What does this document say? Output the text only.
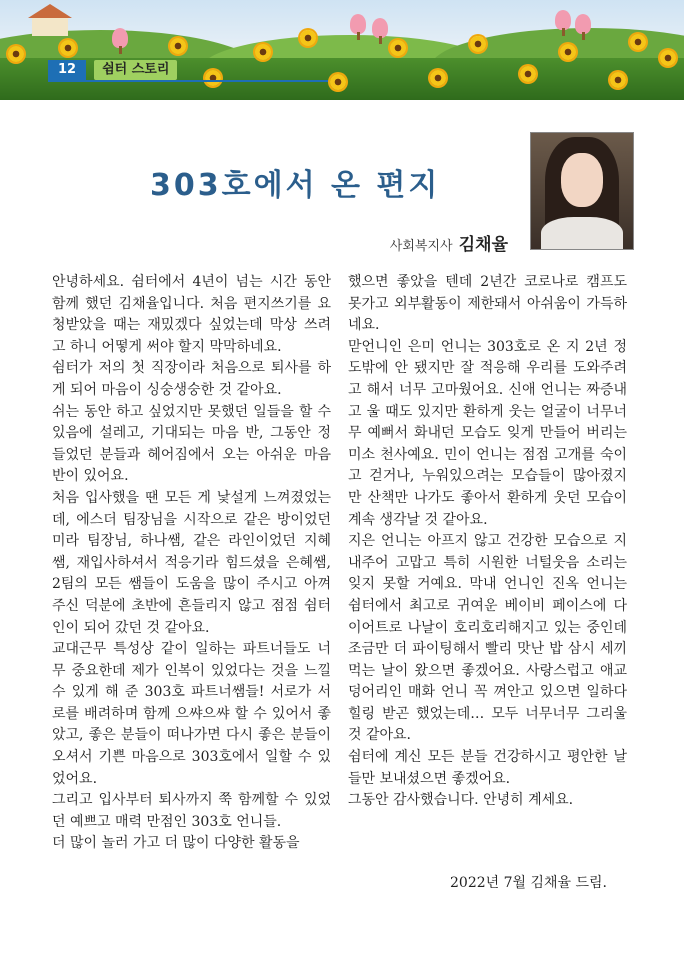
12	쉼터 스토리
303호에서 온 편지
사회복지사 김채율

안녕하세요. 쉼터에서 4년이 넘는 시간 동안 함께 했던 김채율입니다. 처음 편지쓰기를 요청받았을 때는 재밌겠다 싶었는데 막상 쓰려고 하니 어떻게 써야 할지 막막하네요.

쉼터가 저의 첫 직장이라 처음으로 퇴사를 하게 되어 마음이 싱숭생숭한 것 같아요.

쉬는 동안 하고 싶었지만 못했던 일들을 할 수 있음에 설레고, 기대되는 마음 반, 그동안 정들었던 분들과 헤어짐에서 오는 아쉬운 마음 반이 있어요.

처음 입사했을 땐 모든 게 낯설게 느껴졌었는데, 에스더 팀장님을 시작으로 같은 방이었던 미라 팀장님, 하나쌤, 같은 라인이었던 지혜쌤, 재입사하셔서 적응기라 힘드셨을 은혜쌤, 2팀의 모든 쌤들이 도움을 많이 주시고 아껴주신 덕분에 초반에 흔들리지 않고 점점 쉼터인이 되어 갔던 것 같아요.

교대근무 특성상 같이 일하는 파트너들도 너무 중요한데 제가 인복이 있었다는 것을 느낄 수 있게 해 준 303호 파트너쌤들! 서로가 서로를 배려하며 함께 으쌰으쌰 할 수 있어서 좋았고, 좋은 분들이 떠나가면 다시 좋은 분들이 오셔서 기쁜 마음으로 303호에서 일할 수 있었어요.

그리고 입사부터 퇴사까지 쭉 함께할 수 있었던 예쁘고 매력 만점인 303호 언니들.

더 많이 놀러 가고 더 많이 다양한 활동을

했으면 좋았을 텐데 2년간 코로나로 캠프도 못가고 외부활동이 제한돼서 아쉬움이 가득하네요.

맏언니인 은미 언니는 303호로 온 지 2년 정도밖에 안 됐지만 잘 적응해 우리를 도와주려고 해서 너무 고마웠어요. 신애 언니는 짜증내고 울 때도 있지만 환하게 웃는 얼굴이 너무너무 예뻐서 화내던 모습도 잊게 만들어 버리는 미소 천사예요. 민이 언니는 점점 고개를 숙이고 걷거나, 누워있으려는 모습들이 많아졌지만 산책만 나가도 좋아서 환하게 웃던 모습이 계속 생각날 것 같아요.

지은 언니는 아프지 않고 건강한 모습으로 지내주어 고맙고 특히 시원한 너털웃음 소리는 잊지 못할 거예요. 막내 언니인 진옥 언니는 쉼터에서 최고로 귀여운 베이비 페이스에 다이어트로 나날이 호리호리해지고 있는 중인데 조금만 더 파이팅해서 빨리 맛난 밥 삼시 세끼 먹는 날이 왔으면 좋겠어요. 사랑스럽고 애교덩어리인 매화 언니 꼭 껴안고 있으면 일하다 힐링 받곤 했었는데… 모두 너무너무 그리울 것 같아요.

쉼터에 계신 모든 분들 건강하시고 평안한 날들만 보내셨으면 좋겠어요.

그동안 감사했습니다. 안녕히 계세요.

2022년 7월 김채율 드림.
